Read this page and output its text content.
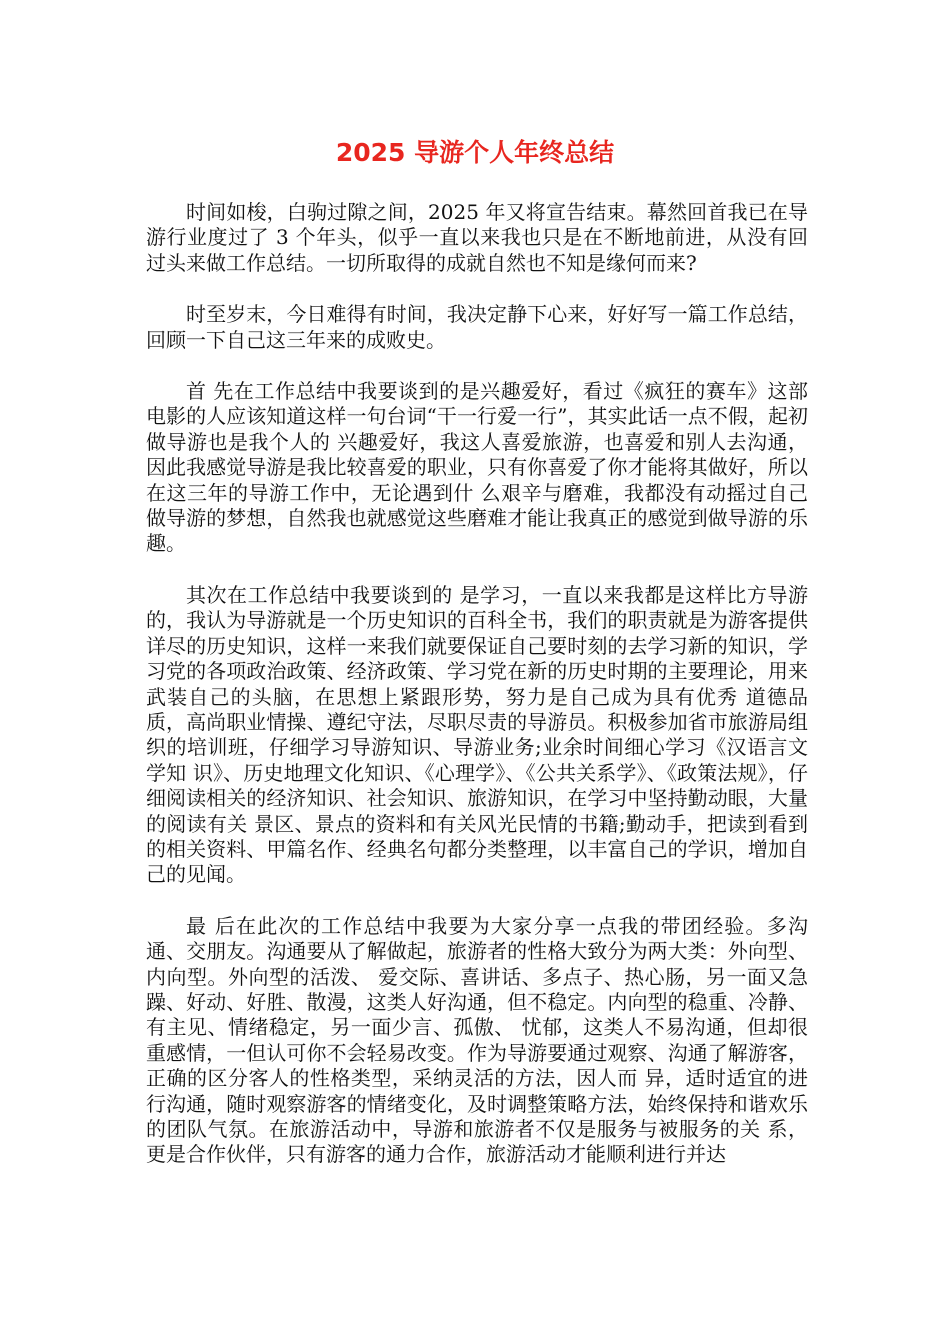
2025 导游个人年终总结

时间如梭，白驹过隙之间，2025 年又将宣告结束。幕然回首我已在导游行业度过了 3 个年头，似乎一直以来我也只是在不断地前进，从没有回过头来做工作总结。一切所取得的成就自然也不知是缘何而来?

时至岁末，今日难得有时间，我决定静下心来，好好写一篇工作总结，回顾一下自己这三年来的成败史。

首 先在工作总结中我要谈到的是兴趣爱好，看过《疯狂的赛车》这部电影的人应该知道这样一句台词“干一行爱一行”，其实此话一点不假，起初做导游也是我个人的 兴趣爱好，我这人喜爱旅游，也喜爱和别人去沟通，因此我感觉导游是我比较喜爱的职业，只有你喜爱了你才能将其做好，所以在这三年的导游工作中，无论遇到什 么艰辛与磨难，我都没有动摇过自己做导游的梦想，自然我也就感觉这些磨难才能让我真正的感觉到做导游的乐趣。

其次在工作总结中我要谈到的 是学习，一直以来我都是这样比方导游的，我认为导游就是一个历史知识的百科全书，我们的职责就是为游客提供详尽的历史知识，这样一来我们就要保证自己要时刻的去学习新的知识，学习党的各项政治政策、经济政策、学习党在新的历史时期的主要理论，用来武装自己的头脑，在思想上紧跟形势，努力是自己成为具有优秀 道德品质，高尚职业情操、遵纪守法，尽职尽责的导游员。积极参加省市旅游局组织的培训班，仔细学习导游知识、导游业务;业余时间细心学习《汉语言文学知 识》、历史地理文化知识、《心理学》、《公共关系学》、《政策法规》，仔细阅读相关的经济知识、社会知识、旅游知识，在学习中坚持勤动眼，大量的阅读有关 景区、景点的资料和有关风光民情的书籍;勤动手，把读到看到的相关资料、甲篇名作、经典名句都分类整理，以丰富自己的学识，增加自己的见闻。

最 后在此次的工作总结中我要为大家分享一点我的带团经验。多沟通、交朋友。沟通要从了解做起，旅游者的性格大致分为两大类：外向型、内向型。外向型的活泼、 爱交际、喜讲话、多点子、热心肠，另一面又急躁、好动、好胜、散漫，这类人好沟通，但不稳定。内向型的稳重、冷静、有主见、情绪稳定，另一面少言、孤傲、 忧郁，这类人不易沟通，但却很重感情，一但认可你不会轻易改变。作为导游要通过观察、沟通了解游客，正确的区分客人的性格类型，采纳灵活的方法，因人而 异，适时适宜的进行沟通，随时观察游客的情绪变化，及时调整策略方法，始终保持和谐欢乐的团队气氛。在旅游活动中，导游和旅游者不仅是服务与被服务的关 系，更是合作伙伴，只有游客的通力合作，旅游活动才能顺利进行并达
